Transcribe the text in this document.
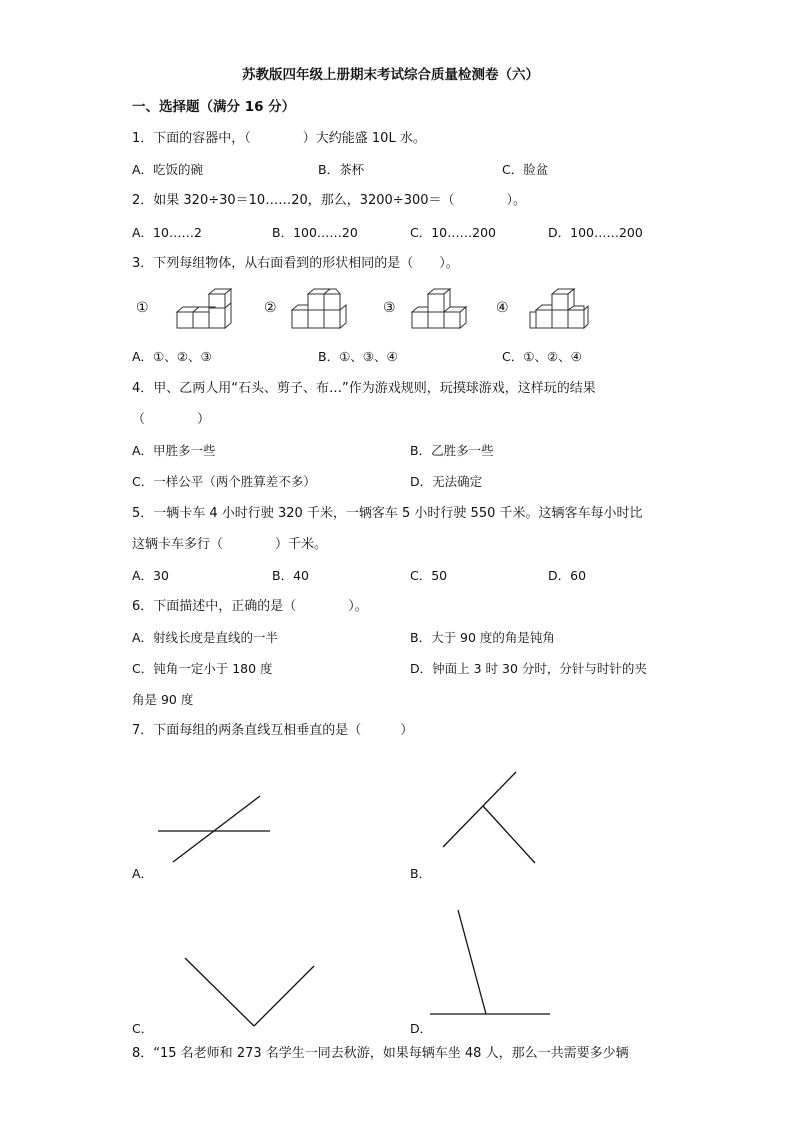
苏教版四年级上册期末考试综合质量检测卷（六）
一、选择题（满分 16 分）
1．下面的容器中，（　　　　）大约能盛 10L 水。
A．吃饭的碗	B．茶杯	C．脸盆
2．如果 320÷30＝10……20，那么，3200÷300＝（　　　　）。
A．10……2	B．100……20	C．10……200	D．100……200
3．下列每组物体，从右面看到的形状相同的是（　　）。
①	②	③	④
A．①、②、③	B．①、③、④	C．①、②、④
4．甲、乙两人用“石头、剪子、布…”作为游戏规则，玩摸球游戏，这样玩的结果
（　　　　）
A．甲胜多一些	B．乙胜多一些
C．一样公平（两个胜算差不多）	D．无法确定
5．一辆卡车 4 小时行驶 320 千米，一辆客车 5 小时行驶 550 千米。这辆客车每小时比
这辆卡车多行（　　　　）千米。
A．30	B．40	C．50	D．60
6．下面描述中，正确的是（　　　　）。
A．射线长度是直线的一半	B．大于 90 度的角是钝角
C．钝角一定小于 180 度	D．钟面上 3 时 30 分时，分针与时针的夹
角是 90 度
7．下面每组的两条直线互相垂直的是（　　　）
A．	B．
C．	D．
8．“15 名老师和 273 名学生一同去秋游，如果每辆车坐 48 人，那么一共需要多少辆
